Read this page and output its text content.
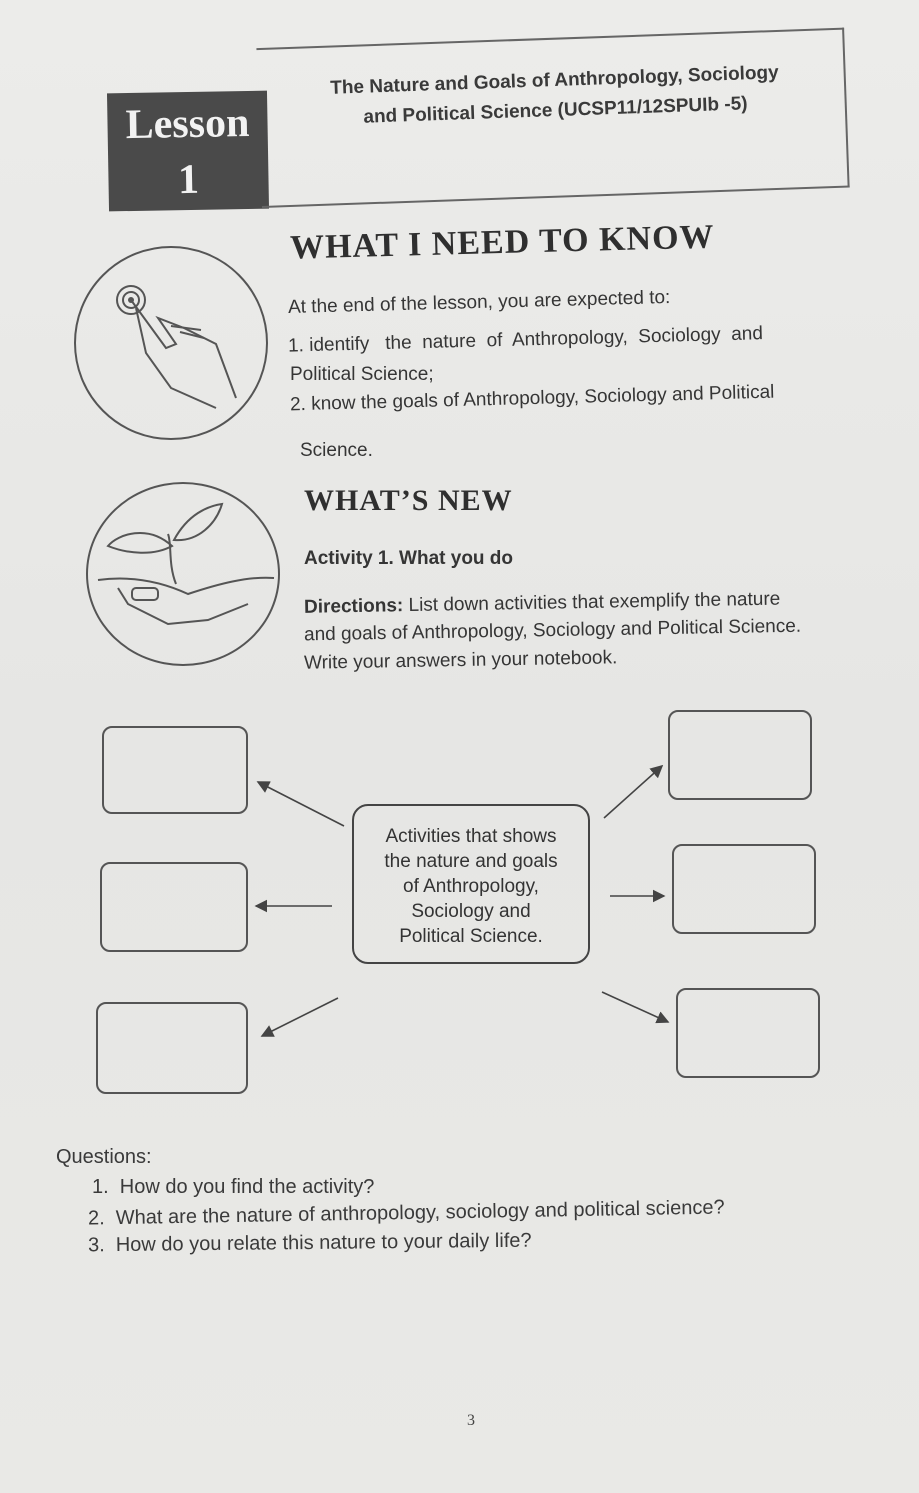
Lesson
1
The Nature and Goals of Anthropology, Sociology
and Political Science (UCSP11/12SPUIb -5)
WHAT I NEED TO KNOW
At the end of the lesson, you are expected to:
1. identify   the  nature  of  Anthropology,  Sociology  and
Political Science;
2. know the goals of Anthropology, Sociology and Political
Science.
WHAT’S NEW
Activity 1. What you do
Directions: List down activities that exemplify the nature
and goals of Anthropology, Sociology and Political Science.
Write your answers in your notebook.
Activities that shows
the nature and goals
of Anthropology,
Sociology and
Political Science.
Questions:
1.  How do you find the activity?
2.  What are the nature of anthropology, sociology and political science?
3.  How do you relate this nature to your daily life?
3
